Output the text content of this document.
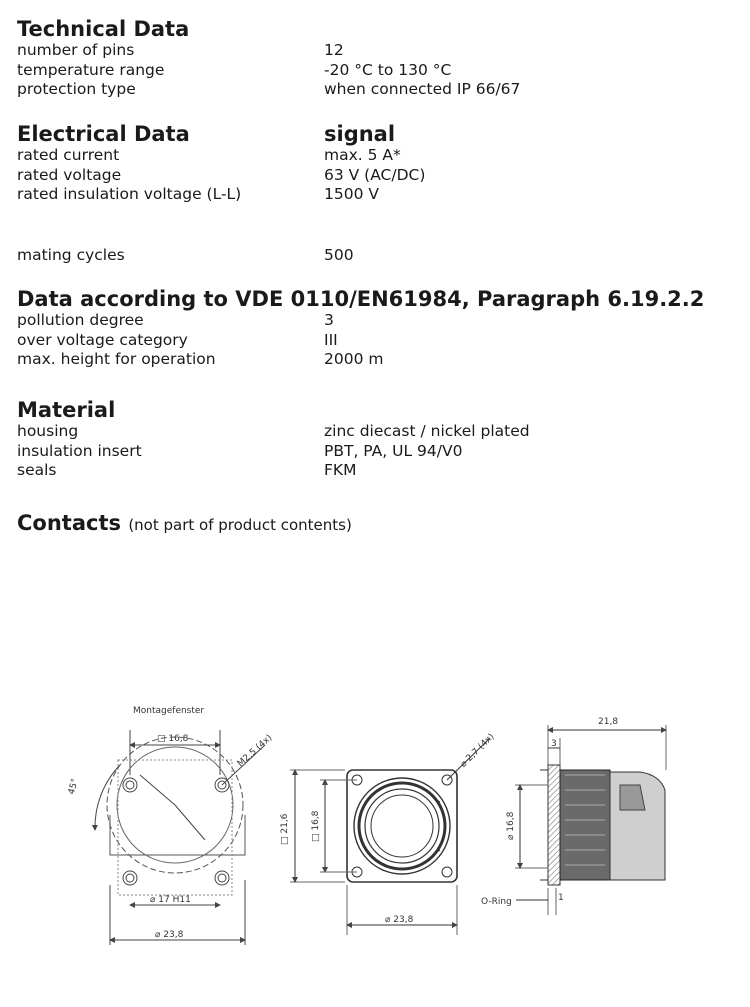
Technical Data
number of pins	12
temperature range	-20 °C to 130 °C
protection type	when connected IP 66/67
Electrical Data	signal
rated current	max. 5 A*
rated voltage	63 V (AC/DC)
rated insulation voltage (L-L)	1500 V
mating cycles	500
Data according to VDE 0110/EN61984, Paragraph 6.19.2.2
pollution degree	3
over voltage category	III
max. height for operation	2000 m
Material
housing	zinc diecast / nickel plated
insulation insert	PBT, PA, UL 94/V0
seals	FKM
Contacts (not part of product contents)
Montagefenster
□ 16,8
45°
M2,5 (4x)
⌀ 17 H11
⌀ 23,8
□ 21,6 □ 16,8
⌀ 2,7 (4x)
⌀ 23,8
21,8
3
⌀ 16,8
O-Ring	1
